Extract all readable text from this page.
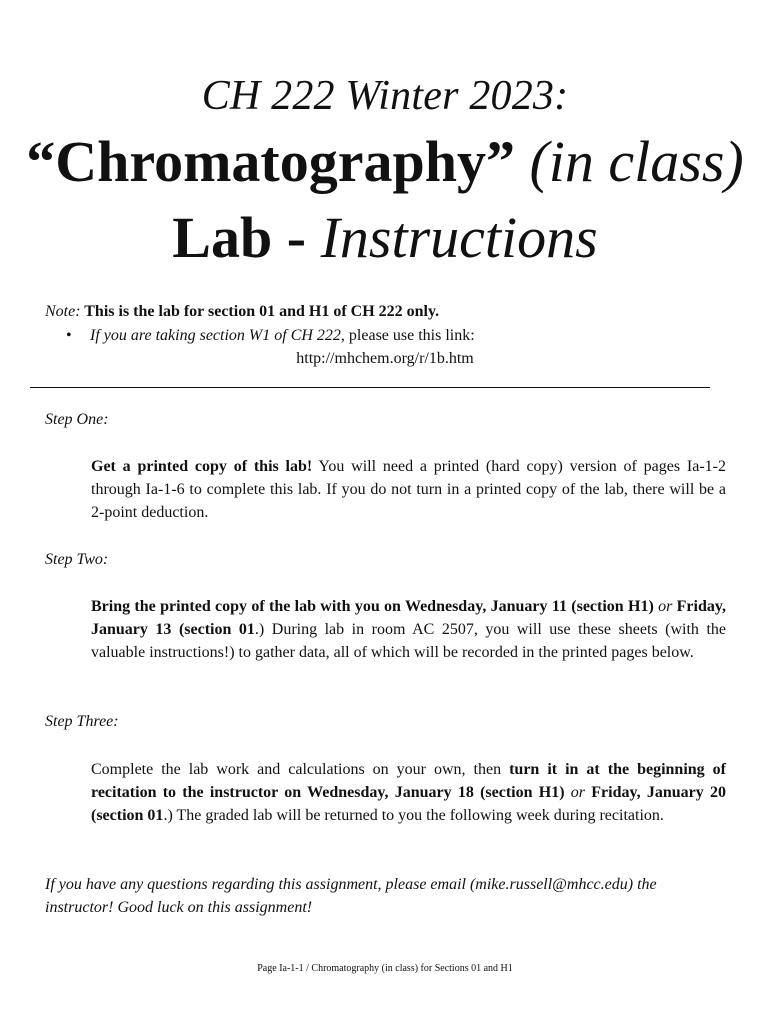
CH 222 Winter 2023:
“Chromatography” (in class) Lab - Instructions
Note: This is the lab for section 01 and H1 of CH 222 only.
• If you are taking section W1 of CH 222, please use this link:
http://mhchem.org/r/1b.htm
Step One:
Get a printed copy of this lab! You will need a printed (hard copy) version of pages Ia-1-2 through Ia-1-6 to complete this lab. If you do not turn in a printed copy of the lab, there will be a 2-point deduction.
Step Two:
Bring the printed copy of the lab with you on Wednesday, January 11 (section H1) or Friday, January 13 (section 01.) During lab in room AC 2507, you will use these sheets (with the valuable instructions!) to gather data, all of which will be recorded in the printed pages below.
Step Three:
Complete the lab work and calculations on your own, then turn it in at the beginning of recitation to the instructor on Wednesday, January 18 (section H1) or Friday, January 20 (section 01.) The graded lab will be returned to you the following week during recitation.
If you have any questions regarding this assignment, please email (mike.russell@mhcc.edu) the instructor! Good luck on this assignment!
Page Ia-1-1 / Chromatography (in class) for Sections 01 and H1
